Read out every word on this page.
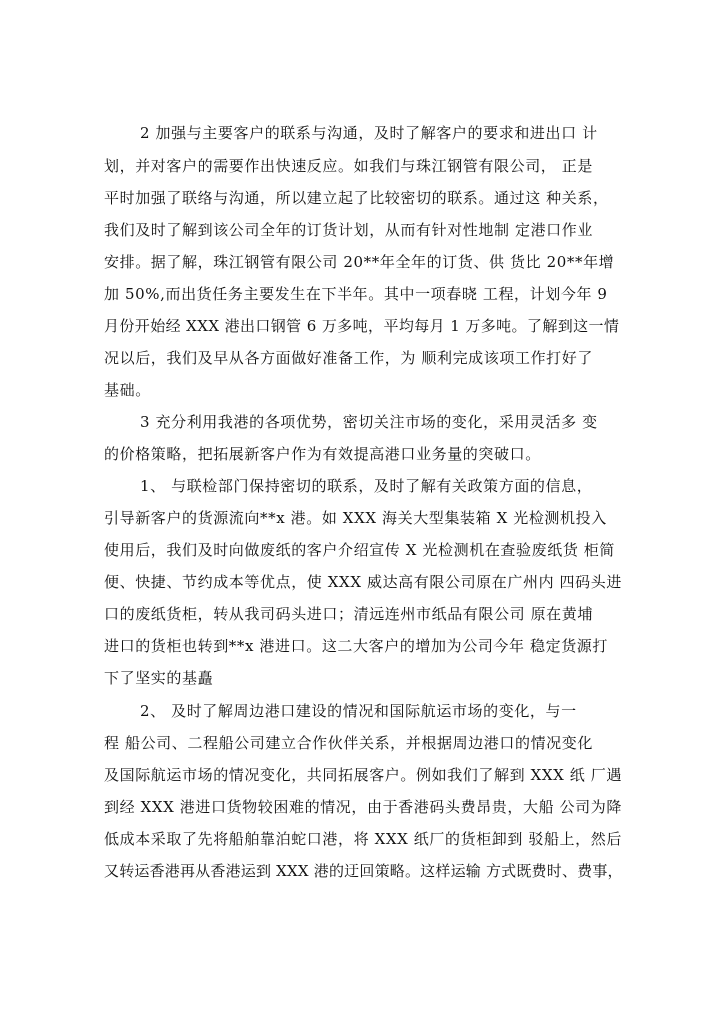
2 加强与主要客户的联系与沟通，及时了解客户的要求和进出口 计
划，并对客户的需要作出快速反应。如我们与珠江钢管有限公司， 正是
平时加强了联络与沟通，所以建立起了比较密切的联系。通过这 种关系，
我们及时了解到该公司全年的订货计划，从而有针对性地制 定港口作业
安排。据了解，珠江钢管有限公司 20**年全年的订货、供 货比 20**年增
加 50%,而出货任务主要发生在下半年。其中一项春晓 工程，计划今年 9
月份开始经 XXX 港出口钢管 6 万多吨，平均每月 1 万多吨。了解到这一情
况以后，我们及早从各方面做好准备工作，为 顺利完成该项工作打好了
基础。
3 充分利用我港的各项优势，密切关注市场的变化，采用灵活多 变
的价格策略，把拓展新客户作为有效提高港口业务量的突破口。
1、 与联检部门保持密切的联系，及时了解有关政策方面的信息，
引导新客户的货源流向**x 港。如 XXX 海关大型集装箱 X 光检测机投入
使用后，我们及时向做废纸的客户介绍宣传 X 光检测机在查验废纸货 柜简
便、快捷、节约成本等优点，使 XXX 威达高有限公司原在广州内 四码头进
口的废纸货柜，转从我司码头进口；清远连州市纸品有限公司 原在黄埔
进口的货柜也转到**x 港进口。这二大客户的增加为公司今年 稳定货源打
下了坚实的基矗
2、 及时了解周边港口建设的情况和国际航运市场的变化，与一
程 船公司、二程船公司建立合作伙伴关系，并根据周边港口的情况变化
及国际航运市场的情况变化，共同拓展客户。例如我们了解到 XXX 纸 厂遇
到经 XXX 港进口货物较困难的情况，由于香港码头费昂贵，大船 公司为降
低成本采取了先将船舶靠泊蛇口港，将 XXX 纸厂的货柜卸到 驳船上，然后
又转运香港再从香港运到 XXX 港的迂回策略。这样运输 方式既费时、费事，
